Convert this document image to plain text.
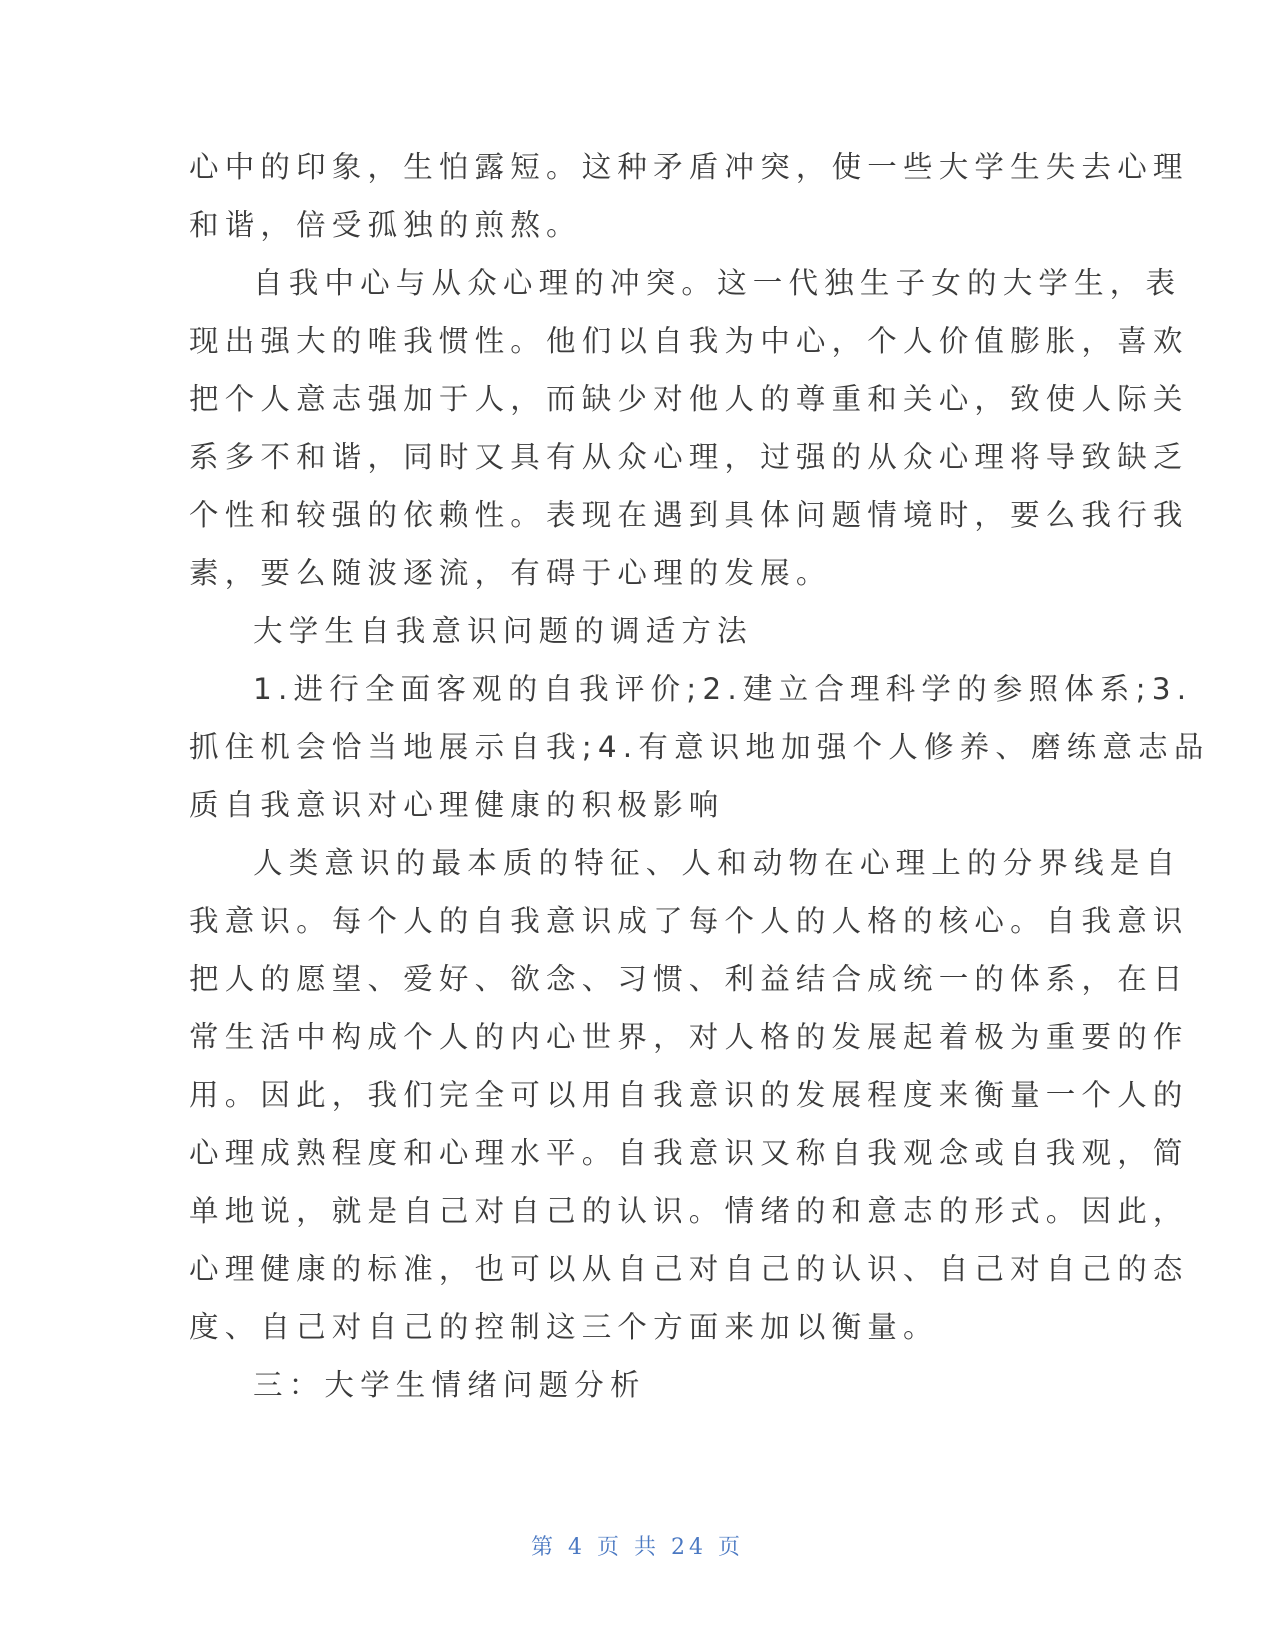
心中的印象，生怕露短。这种矛盾冲突，使一些大学生失去心理
和谐，倍受孤独的煎熬。
自我中心与从众心理的冲突。这一代独生子女的大学生，表
现出强大的唯我惯性。他们以自我为中心，个人价值膨胀，喜欢
把个人意志强加于人，而缺少对他人的尊重和关心，致使人际关
系多不和谐，同时又具有从众心理，过强的从众心理将导致缺乏
个性和较强的依赖性。表现在遇到具体问题情境时，要么我行我
素，要么随波逐流，有碍于心理的发展。
大学生自我意识问题的调适方法
1.进行全面客观的自我评价;2.建立合理科学的参照体系;3.
抓住机会恰当地展示自我;4.有意识地加强个人修养、磨练意志品
质自我意识对心理健康的积极影响
人类意识的最本质的特征、人和动物在心理上的分界线是自
我意识。每个人的自我意识成了每个人的人格的核心。自我意识
把人的愿望、爱好、欲念、习惯、利益结合成统一的体系，在日
常生活中构成个人的内心世界，对人格的发展起着极为重要的作
用。因此，我们完全可以用自我意识的发展程度来衡量一个人的
心理成熟程度和心理水平。自我意识又称自我观念或自我观，简
单地说，就是自己对自己的认识。情绪的和意志的形式。因此，
心理健康的标准，也可以从自己对自己的认识、自己对自己的态
度、自己对自己的控制这三个方面来加以衡量。
三：大学生情绪问题分析
第 4 页 共 24 页
